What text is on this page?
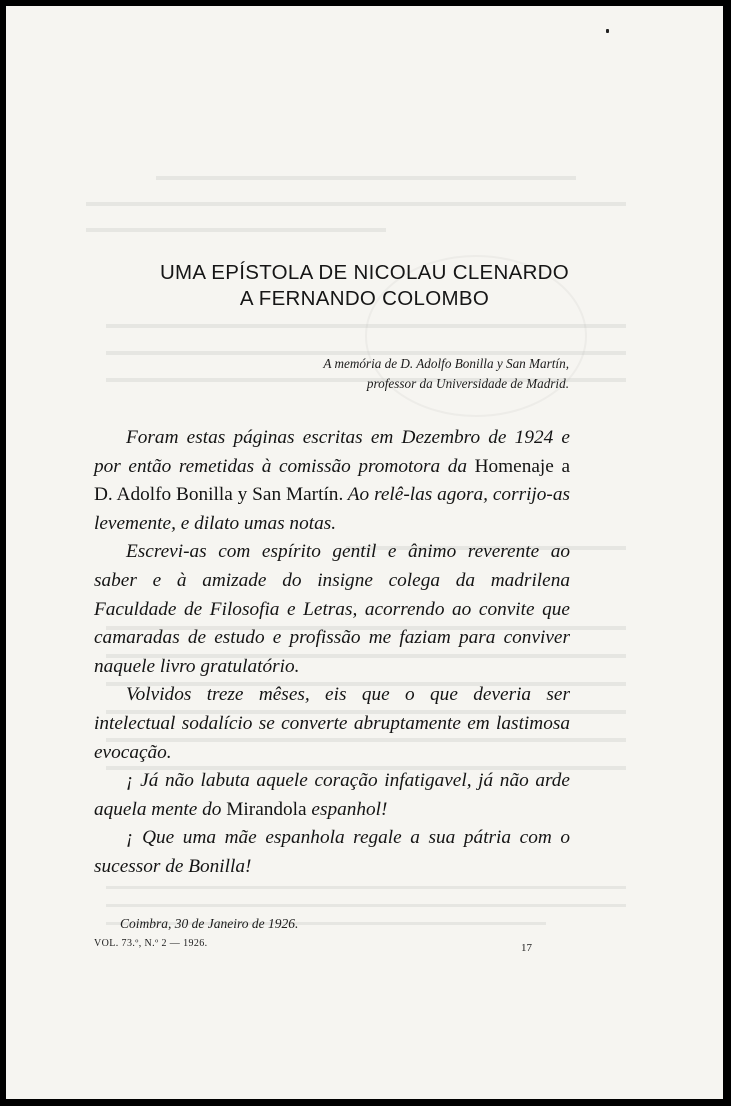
UMA EPÍSTOLA DE NICOLAU CLENARDO
A FERNANDO COLOMBO
A memória de D. Adolfo Bonilla y San Martín,
professor da Universidade de Madrid.

Foram estas páginas escritas em Dezembro de 1924 e por então remetidas à comissão promotora da Homenaje a D. Adolfo Bonilla y San Martín. Ao relê-las agora, corrijo-as levemente, e dilato umas notas.

Escrevi-as com espírito gentil e ânimo reverente ao saber e à amizade do insigne colega da madrilena Faculdade de Filosofia e Letras, acorrendo ao convite que camaradas de estudo e profissão me faziam para conviver naquele livro gratulatório.

Volvidos treze mêses, eis que o que deveria ser intelectual sodalício se converte abruptamente em lastimosa evocação.

¡ Já não labuta aquele coração infatigavel, já não arde aquela mente do Mirandola espanhol!

¡ Que uma mãe espanhola regale a sua pátria com o sucessor de Bonilla!

Coimbra, 30 de Janeiro de 1926.
VOL. 73.º, N.º 2 — 1926.	17
